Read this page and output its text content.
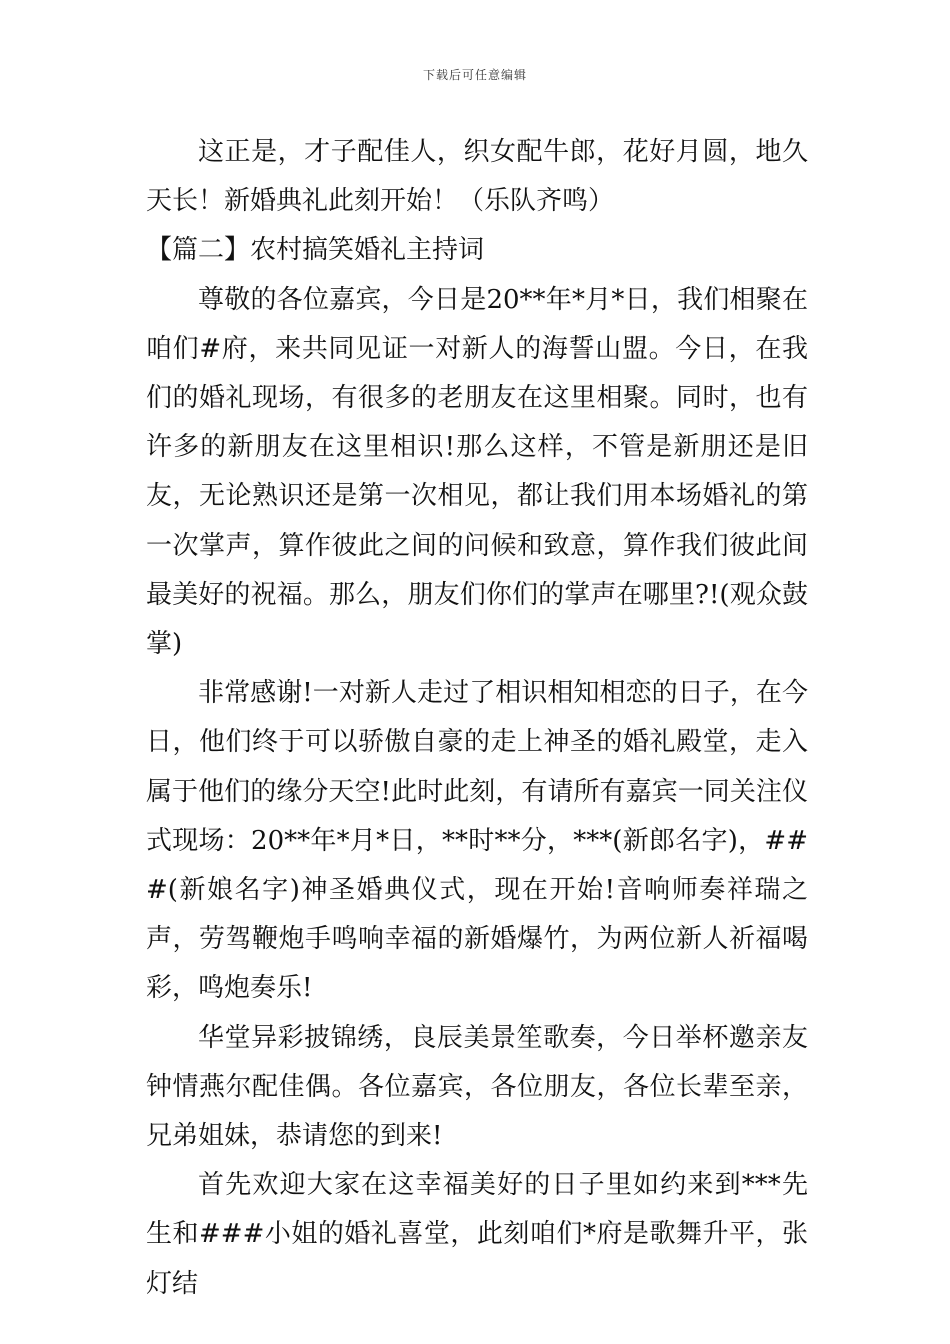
下载后可任意编辑

这正是，才子配佳人，织女配牛郎，花好月圆，地久天长！新婚典礼此刻开始！（乐队齐鸣）

【篇二】农村搞笑婚礼主持词

尊敬的各位嘉宾，今日是20**年*月*日，我们相聚在咱们#府，来共同见证一对新人的海誓山盟。今日，在我们的婚礼现场，有很多的老朋友在这里相聚。同时，也有许多的新朋友在这里相识!那么这样，不管是新朋还是旧友，无论熟识还是第一次相见，都让我们用本场婚礼的第一次掌声，算作彼此之间的问候和致意，算作我们彼此间最美好的祝福。那么，朋友们你们的掌声在哪里?!(观众鼓掌)

非常感谢!一对新人走过了相识相知相恋的日子，在今日，他们终于可以骄傲自豪的走上神圣的婚礼殿堂，走入属于他们的缘分天空!此时此刻，有请所有嘉宾一同关注仪式现场：20**年*月*日，**时**分，***(新郎名字)，###(新娘名字)神圣婚典仪式，现在开始!音响师奏祥瑞之声，劳驾鞭炮手鸣响幸福的新婚爆竹，为两位新人祈福喝彩，鸣炮奏乐!

华堂异彩披锦绣，良辰美景笙歌奏，今日举杯邀亲友钟情燕尔配佳偶。各位嘉宾，各位朋友，各位长辈至亲，兄弟姐妹，恭请您的到来!

首先欢迎大家在这幸福美好的日子里如约来到***先生和###小姐的婚礼喜堂，此刻咱们*府是歌舞升平，张灯结
